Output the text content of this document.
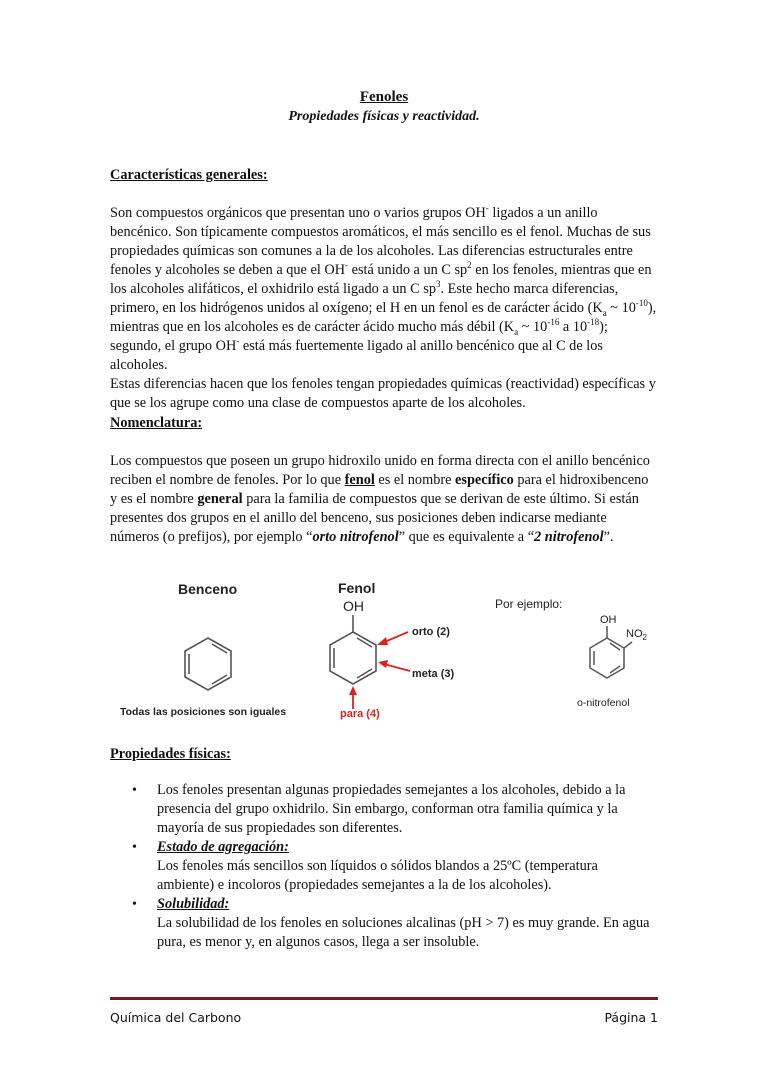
Fenoles
Propiedades físicas y reactividad.
Características generales:
Son compuestos orgánicos que presentan uno o varios grupos OH- ligados a un anillo bencénico. Son típicamente compuestos aromáticos, el más sencillo es el fenol. Muchas de sus propiedades químicas son comunes a la de los alcoholes. Las diferencias estructurales entre fenoles y alcoholes se deben a que el OH- está unido a un C $sp^2$ en los fenoles, mientras que en los alcoholes alifáticos, el oxhidrilo está ligado a un C $sp^3$. Este hecho marca diferencias, primero, en los hidrógenos unidos al oxígeno; el H en un fenol es de carácter ácido ($K_a$ ~ $10^{-10}$), mientras que en los alcoholes es de carácter ácido mucho más débil ($K_a$ ~ $10^{-16}$ a $10^{-18}$); segundo, el grupo OH- está más fuertemente ligado al anillo bencénico que al C de los alcoholes.
Estas diferencias hacen que los fenoles tengan propiedades químicas (reactividad) específicas y que se los agrupe como una clase de compuestos aparte de los alcoholes.
Nomenclatura:
Los compuestos que poseen un grupo hidroxilo unido en forma directa con el anillo bencénico reciben el nombre de fenoles. Por lo que fenol es el nombre específico para el hidroxibenceno y es el nombre general para la familia de compuestos que se derivan de este último. Si están presentes dos grupos en el anillo del benceno, sus posiciones deben indicarse mediante números (o prefijos), por ejemplo “orto nitrofenol” que es equivalente a “2 nitrofenol”.
Benceno
Todas las posiciones son iguales
Fenol
OH
orto (2)
meta (3)
para (4)
Por ejemplo:
OH
$NO_2$
o-nitrofenol
Propiedades físicas:
• Los fenoles presentan algunas propiedades semejantes a los alcoholes, debido a la presencia del grupo oxhidrilo. Sin embargo, conforman otra familia química y la mayoría de sus propiedades son diferentes.
• Estado de agregación:
Los fenoles más sencillos son líquidos o sólidos blandos a 25ºC (temperatura ambiente) e incoloros (propiedades semejantes a la de los alcoholes).
• Solubilidad:
La solubilidad de los fenoles en soluciones alcalinas (pH > 7) es muy grande. En agua pura, es menor y, en algunos casos, llega a ser insoluble.
Química del Carbono	Página 1
